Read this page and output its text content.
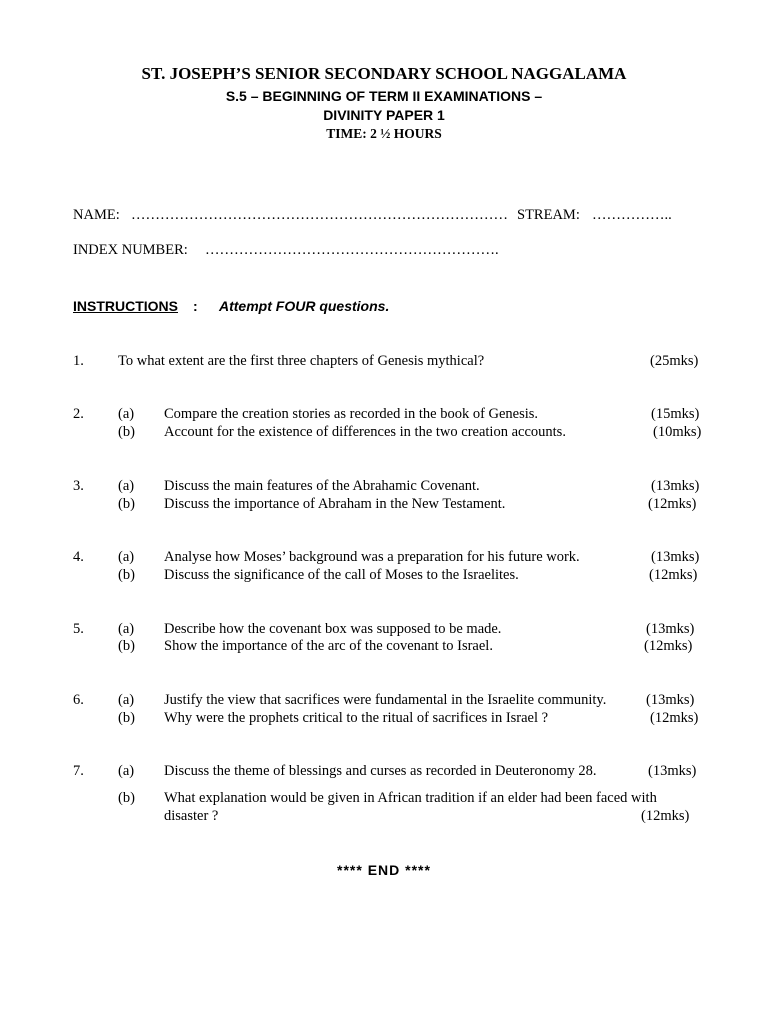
ST. JOSEPH’S SENIOR SECONDARY SCHOOL NAGGALAMA
S.5 – BEGINNING OF TERM II EXAMINATIONS –
DIVINITY PAPER 1
TIME: 2 ½ HOURS
NAME: …………………………………………………………………… STREAM: ……………..
INDEX NUMBER: …………………………………………………….
INSTRUCTIONS : Attempt FOUR questions.
1. To what extent are the first three chapters of Genesis mythical?	(25mks)
2. (a) Compare the creation stories as recorded in the book of Genesis.	(15mks)
(b) Account for the existence of differences in the two creation accounts.	(10mks)
3. (a) Discuss the main features of the Abrahamic Covenant.	(13mks)
(b) Discuss the importance of Abraham in the New Testament.	(12mks)
4. (a) Analyse how Moses’ background was a preparation for his future work.	(13mks)
(b) Discuss the significance of the call of Moses to the Israelites.	(12mks)
5. (a) Describe how the covenant box was supposed to be made.	(13mks)
(b) Show the importance of the arc of the covenant to Israel.	(12mks)
6. (a) Justify the view that sacrifices were fundamental in the Israelite community.	(13mks)
(b) Why were the prophets critical to the ritual of sacrifices in Israel ?	(12mks)
7. (a) Discuss the theme of blessings and curses as recorded in Deuteronomy 28.	(13mks)
(b) What explanation would be given in African tradition if an elder had been faced with
disaster ?	(12mks)
**** END ****
